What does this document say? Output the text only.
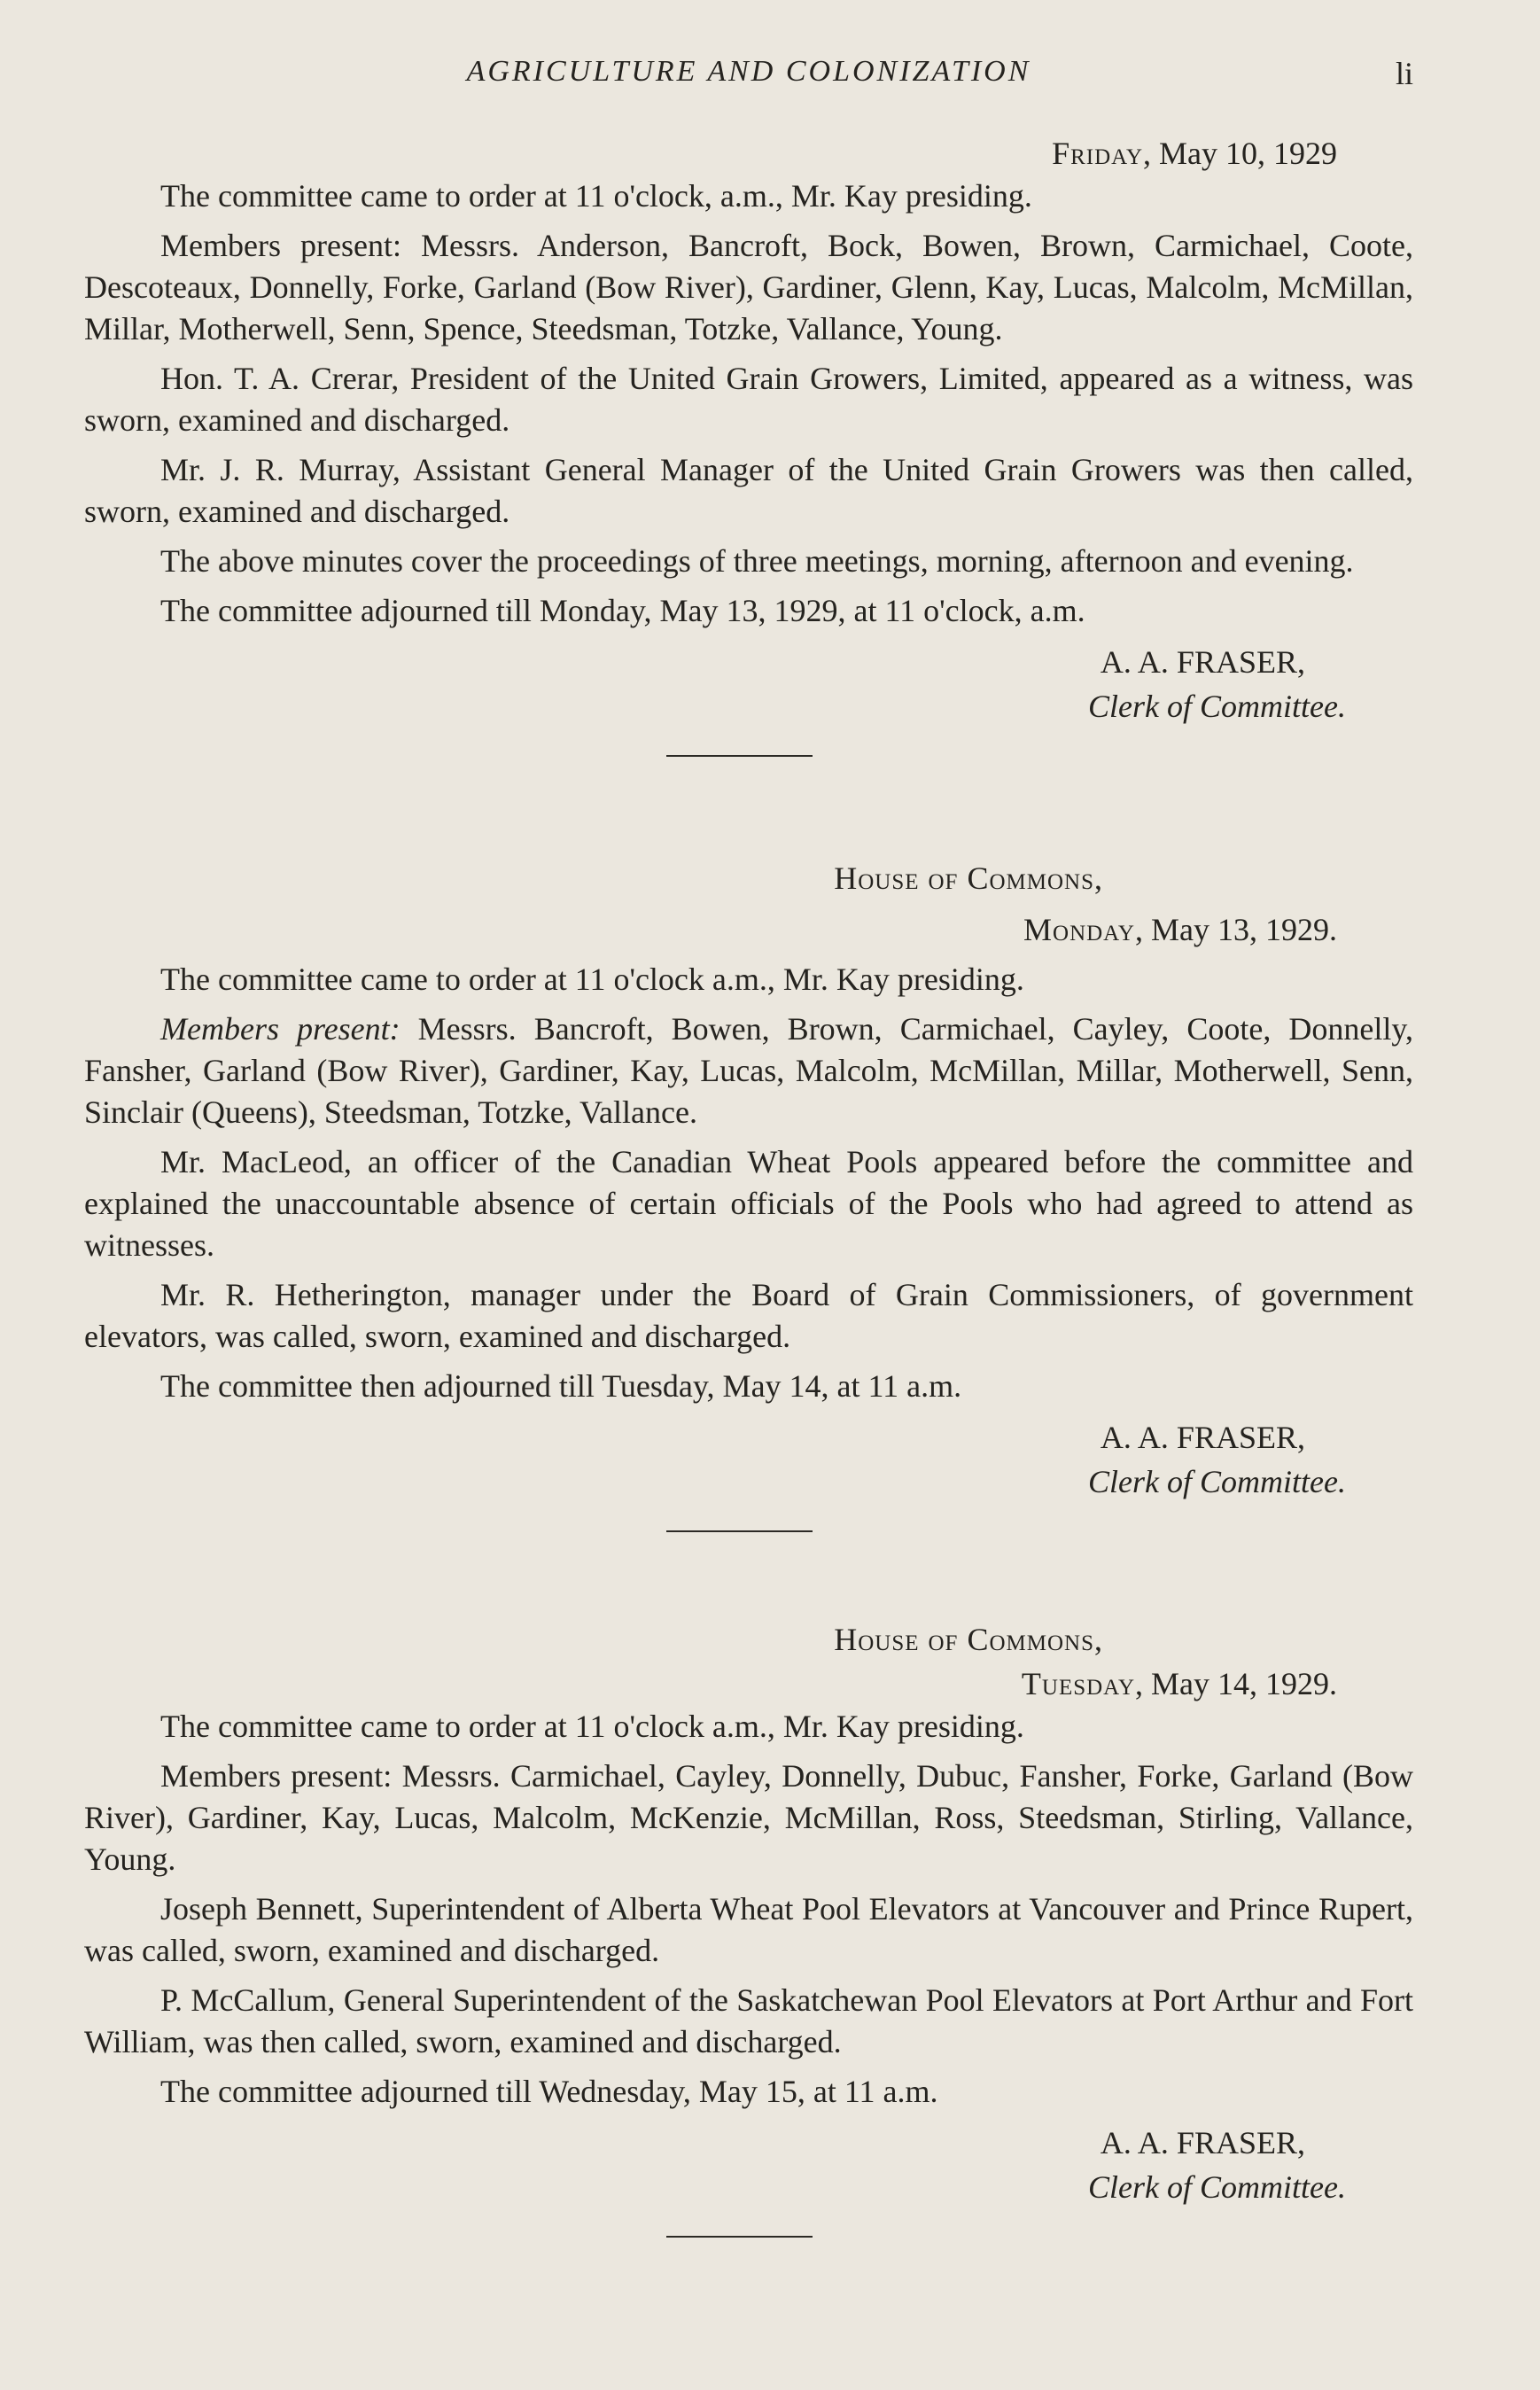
AGRICULTURE AND COLONIZATION	li
Friday, May 10, 1929

The committee came to order at 11 o'clock, a.m., Mr. Kay presiding.

Members present: Messrs. Anderson, Bancroft, Bock, Bowen, Brown, Carmichael, Coote, Descoteaux, Donnelly, Forke, Garland (Bow River), Gardiner, Glenn, Kay, Lucas, Malcolm, McMillan, Millar, Motherwell, Senn, Spence, Steedsman, Totzke, Vallance, Young.

Hon. T. A. Crerar, President of the United Grain Growers, Limited, appeared as a witness, was sworn, examined and discharged.

Mr. J. R. Murray, Assistant General Manager of the United Grain Growers was then called, sworn, examined and discharged.

The above minutes cover the proceedings of three meetings, morning, afternoon and evening.

The committee adjourned till Monday, May 13, 1929, at 11 o'clock, a.m.

A. A. FRASER,
Clerk of Committee.
House of Commons,
Monday, May 13, 1929.

The committee came to order at 11 o'clock a.m., Mr. Kay presiding.

Members present: Messrs. Bancroft, Bowen, Brown, Carmichael, Cayley, Coote, Donnelly, Fansher, Garland (Bow River), Gardiner, Kay, Lucas, Malcolm, McMillan, Millar, Motherwell, Senn, Sinclair (Queens), Steedsman, Totzke, Vallance.

Mr. MacLeod, an officer of the Canadian Wheat Pools appeared before the committee and explained the unaccountable absence of certain officials of the Pools who had agreed to attend as witnesses.

Mr. R. Hetherington, manager under the Board of Grain Commissioners, of government elevators, was called, sworn, examined and discharged.

The committee then adjourned till Tuesday, May 14, at 11 a.m.

A. A. FRASER,
Clerk of Committee.
House of Commons,
Tuesday, May 14, 1929.

The committee came to order at 11 o'clock a.m., Mr. Kay presiding.

Members present: Messrs. Carmichael, Cayley, Donnelly, Dubuc, Fansher, Forke, Garland (Bow River), Gardiner, Kay, Lucas, Malcolm, McKenzie, McMillan, Ross, Steedsman, Stirling, Vallance, Young.

Joseph Bennett, Superintendent of Alberta Wheat Pool Elevators at Vancouver and Prince Rupert, was called, sworn, examined and discharged.

P. McCallum, General Superintendent of the Saskatchewan Pool Elevators at Port Arthur and Fort William, was then called, sworn, examined and discharged.

The committee adjourned till Wednesday, May 15, at 11 a.m.

A. A. FRASER,
Clerk of Committee.
